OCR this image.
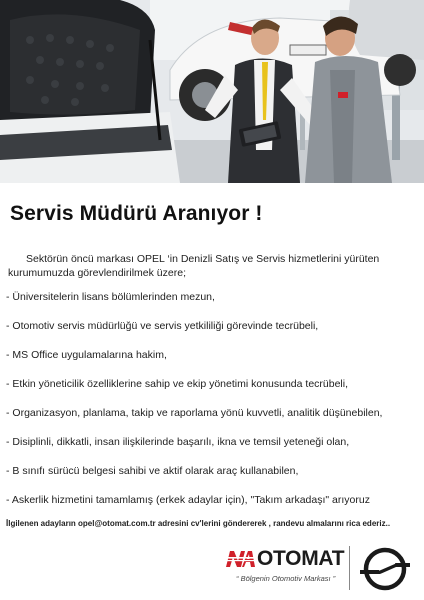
Servis Müdürü Aranıyor !
Sektörün öncü markası OPEL ‘in Denizli Satış ve Servis hizmetlerini yürüten kurumumuzda görevlendirilmek üzere;
- Üniversitelerin lisans bölümlerinden mezun,
- Otomotiv servis müdürlüğü ve servis yetkililiği görevinde tecrübeli,
- MS Office uygulamalarına hakim,
- Etkin yöneticilik özelliklerine sahip ve ekip yönetimi konusunda tecrübeli,
- Organizasyon, planlama, takip ve raporlama yönü kuvvetli, analitik düşünebilen,
- Disiplinli, dikkatli, insan ilişkilerinde başarılı, ikna ve temsil yeteneği olan,
- B sınıfı sürücü belgesi sahibi ve aktif olarak araç kullanabilen,
- Askerlik hizmetini tamamlamış (erkek adaylar için), "Takım arkadaşı" arıyoruz
İlgilenen adayların opel@otomat.com.tr adresini cv'lerini göndererek , randevu almalarını rica ederiz..
OTOMAT
“ Bölgenin Otomotiv Markası ”
